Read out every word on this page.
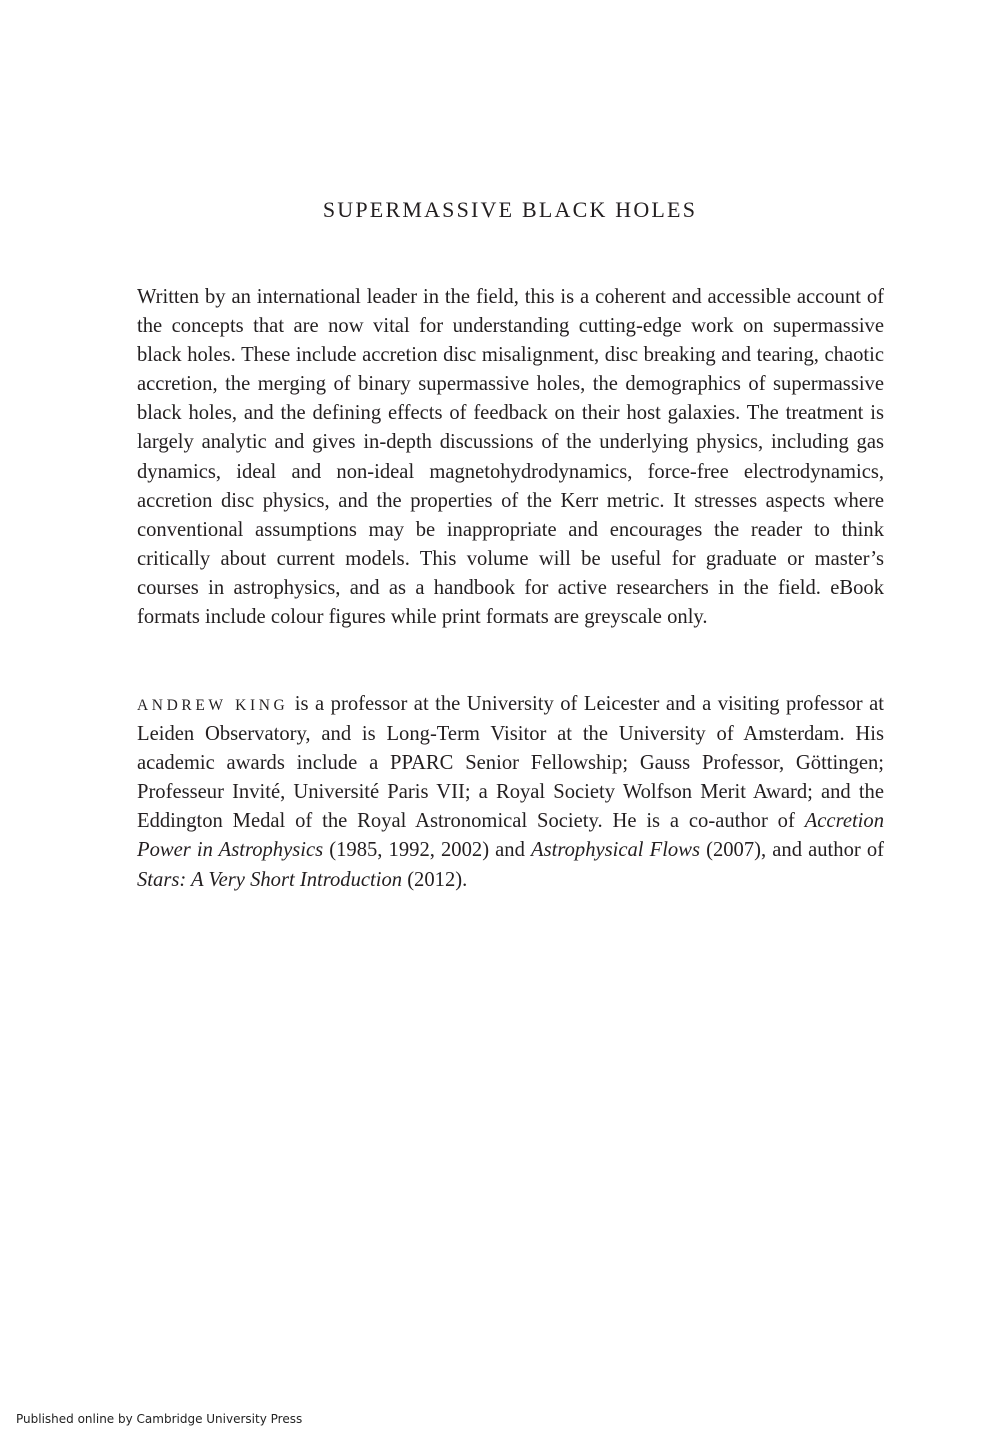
SUPERMASSIVE BLACK HOLES

Written by an international leader in the field, this is a coherent and accessible account of the concepts that are now vital for understanding cutting-edge work on supermassive black holes. These include accretion disc misalignment, disc breaking and tearing, chaotic accretion, the merging of binary supermassive holes, the demographics of supermassive black holes, and the defining effects of feedback on their host galaxies. The treatment is largely analytic and gives in-depth discussions of the underlying physics, including gas dynamics, ideal and non-ideal magnetohydrodynamics, force-free electrodynamics, accretion disc physics, and the properties of the Kerr metric. It stresses aspects where conventional assumptions may be inappropriate and encourages the reader to think critically about current models. This volume will be useful for graduate or master’s courses in astrophysics, and as a handbook for active researchers in the field. eBook formats include colour figures while print formats are greyscale only.

ANDREW KING is a professor at the University of Leicester and a visiting professor at Leiden Observatory, and is Long-Term Visitor at the University of Amsterdam. His academic awards include a PPARC Senior Fellowship; Gauss Professor, Göttingen; Professeur Invité, Université Paris VII; a Royal Society Wolfson Merit Award; and the Eddington Medal of the Royal Astronomical Society. He is a co-author of Accretion Power in Astrophysics (1985, 1992, 2002) and Astrophysical Flows (2007), and author of Stars: A Very Short Introduction (2012).

Published online by Cambridge University Press
